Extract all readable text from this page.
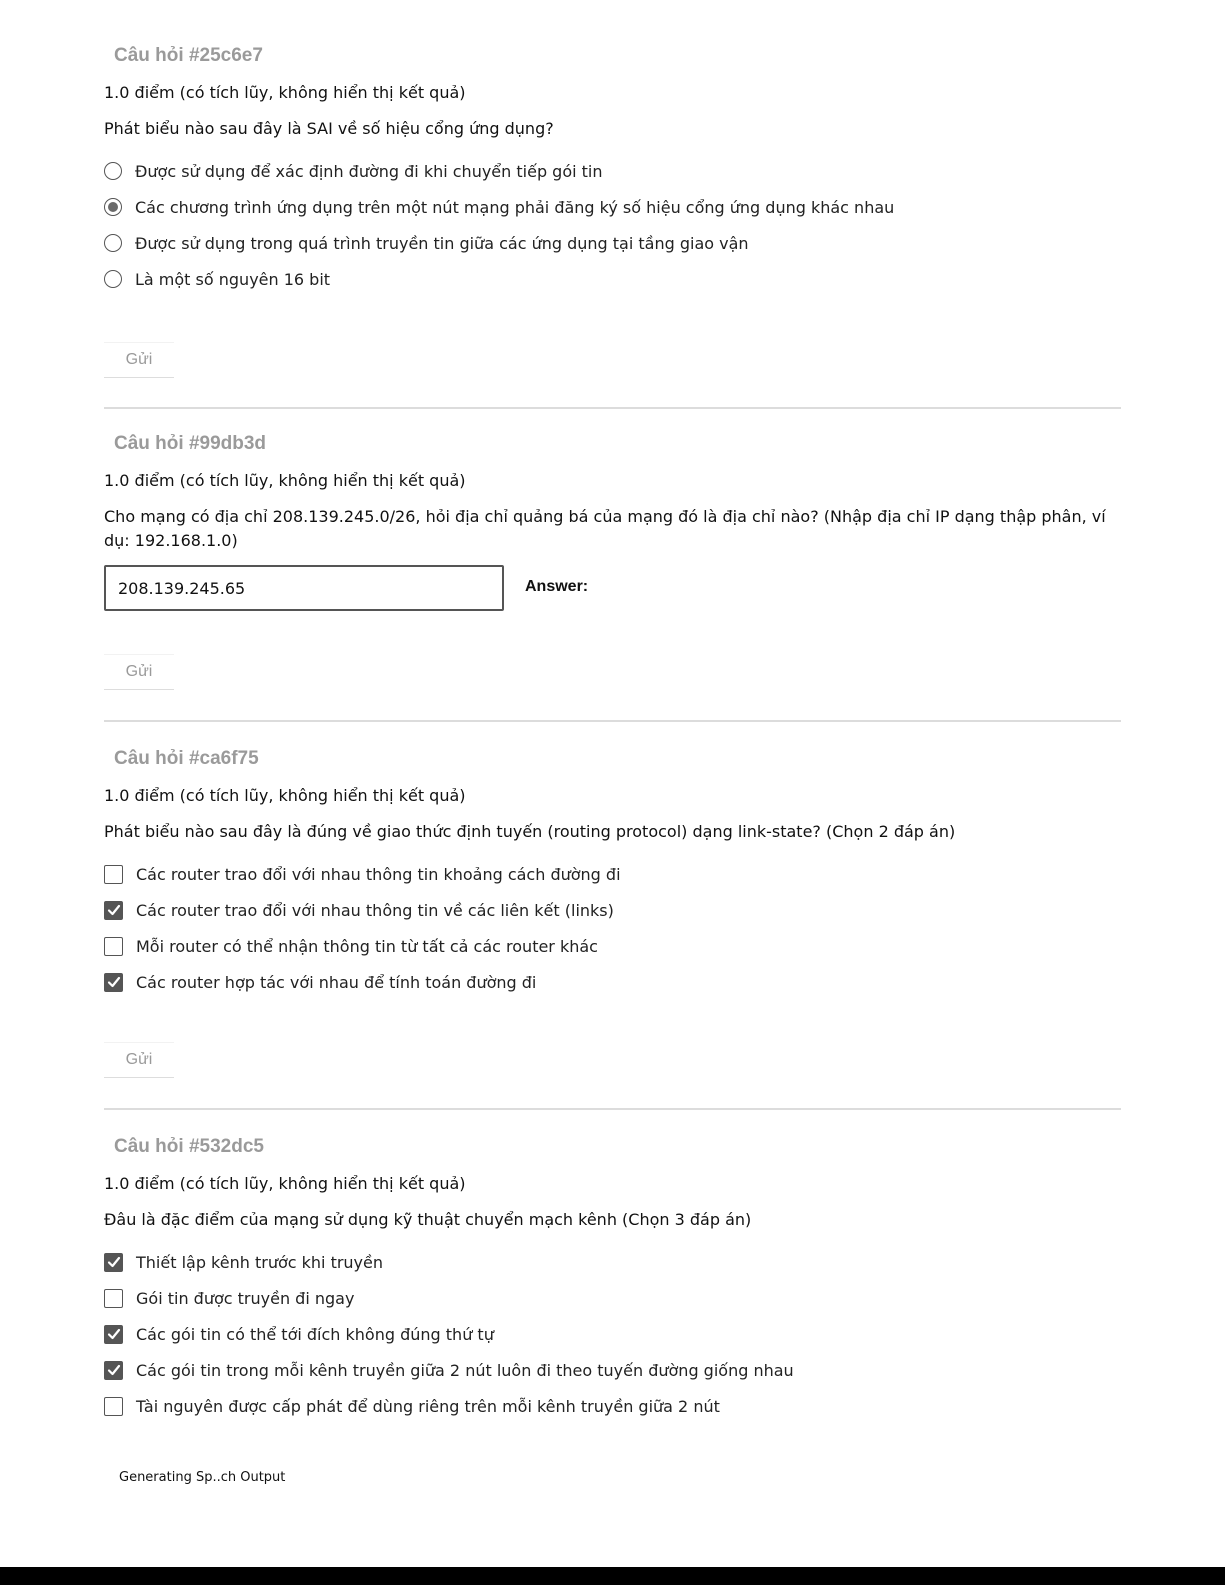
Câu hỏi #25c6e7
1.0 điểm (có tích lũy, không hiển thị kết quả)
Phát biểu nào sau đây là SAI về số hiệu cổng ứng dụng?
Được sử dụng để xác định đường đi khi chuyển tiếp gói tin
Các chương trình ứng dụng trên một nút mạng phải đăng ký số hiệu cổng ứng dụng khác nhau
Được sử dụng trong quá trình truyền tin giữa các ứng dụng tại tầng giao vận
Là một số nguyên 16 bit
Gửi
Câu hỏi #99db3d
1.0 điểm (có tích lũy, không hiển thị kết quả)
Cho mạng có địa chỉ 208.139.245.0/26, hỏi địa chỉ quảng bá của mạng đó là địa chỉ nào? (Nhập địa chỉ IP dạng thập phân, ví dụ: 192.168.1.0)
208.139.245.65
Answer:
Gửi
Câu hỏi #ca6f75
1.0 điểm (có tích lũy, không hiển thị kết quả)
Phát biểu nào sau đây là đúng về giao thức định tuyến (routing protocol) dạng link-state? (Chọn 2 đáp án)
Các router trao đổi với nhau thông tin khoảng cách đường đi
Các router trao đổi với nhau thông tin về các liên kết (links)
Mỗi router có thể nhận thông tin từ tất cả các router khác
Các router hợp tác với nhau để tính toán đường đi
Gửi
Câu hỏi #532dc5
1.0 điểm (có tích lũy, không hiển thị kết quả)
Đâu là đặc điểm của mạng sử dụng kỹ thuật chuyển mạch kênh (Chọn 3 đáp án)
Thiết lập kênh trước khi truyền
Gói tin được truyền đi ngay
Các gói tin có thể tới đích không đúng thứ tự
Các gói tin trong mỗi kênh truyền giữa 2 nút luôn đi theo tuyến đường giống nhau
Tài nguyên được cấp phát để dùng riêng trên mỗi kênh truyền giữa 2 nút
Generating Sp..ch Output
